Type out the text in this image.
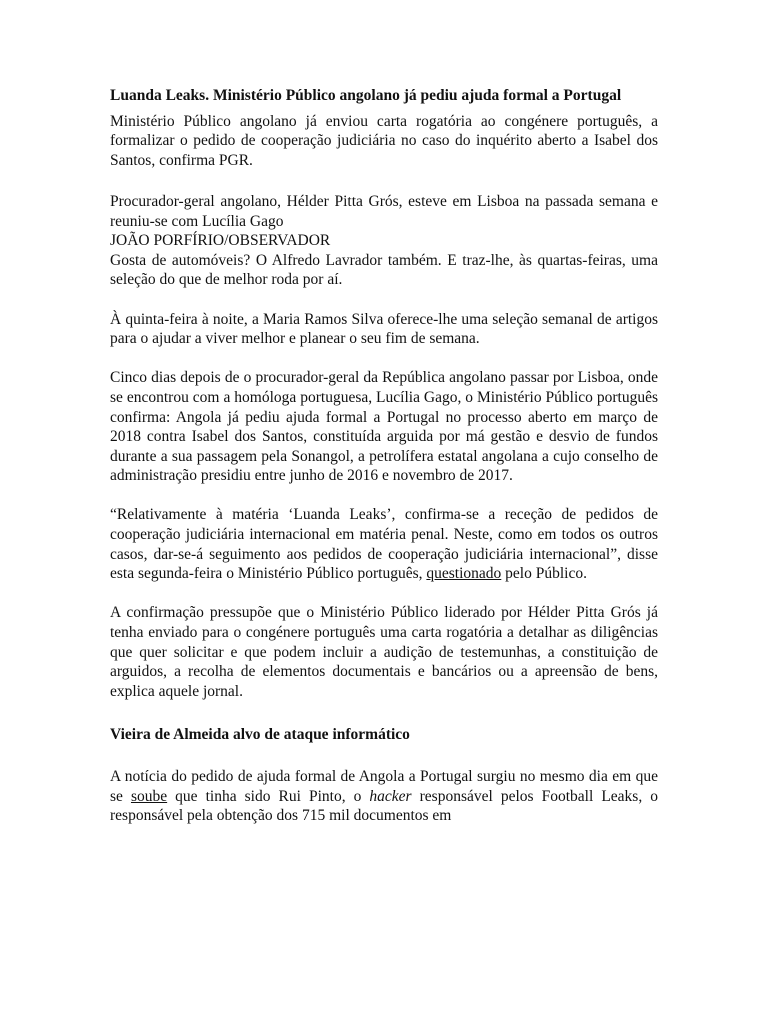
Luanda Leaks. Ministério Público angolano já pediu ajuda formal a Portugal

Ministério Público angolano já enviou carta rogatória ao congénere português, a formalizar o pedido de cooperação judiciária no caso do inquérito aberto a Isabel dos Santos, confirma PGR.

Procurador-geral angolano, Hélder Pitta Grós, esteve em Lisboa na passada semana e reuniu-se com Lucília Gago

JOÃO PORFÍRIO/OBSERVADOR

Gosta de automóveis? O Alfredo Lavrador também. E traz-lhe, às quartas-feiras, uma seleção do que de melhor roda por aí.

À quinta-feira à noite, a Maria Ramos Silva oferece-lhe uma seleção semanal de artigos para o ajudar a viver melhor e planear o seu fim de semana.

Cinco dias depois de o procurador-geral da República angolano passar por Lisboa, onde se encontrou com a homóloga portuguesa, Lucília Gago, o Ministério Público português confirma: Angola já pediu ajuda formal a Portugal no processo aberto em março de 2018 contra Isabel dos Santos, constituída arguida por má gestão e desvio de fundos durante a sua passagem pela Sonangol, a petrolífera estatal angolana a cujo conselho de administração presidiu entre junho de 2016 e novembro de 2017.

“Relativamente à matéria ‘Luanda Leaks’, confirma-se a receção de pedidos de cooperação judiciária internacional em matéria penal. Neste, como em todos os outros casos, dar-se-á seguimento aos pedidos de cooperação judiciária internacional”, disse esta segunda-feira o Ministério Público português, questionado pelo Público.

A confirmação pressupõe que o Ministério Público liderado por Hélder Pitta Grós já tenha enviado para o congénere português uma carta rogatória a detalhar as diligências que quer solicitar e que podem incluir a audição de testemunhas, a constituição de arguidos, a recolha de elementos documentais e bancários ou a apreensão de bens, explica aquele jornal.

Vieira de Almeida alvo de ataque informático

A notícia do pedido de ajuda formal de Angola a Portugal surgiu no mesmo dia em que se soube que tinha sido Rui Pinto, o hacker responsável pelos Football Leaks, o responsável pela obtenção dos 715 mil documentos em
